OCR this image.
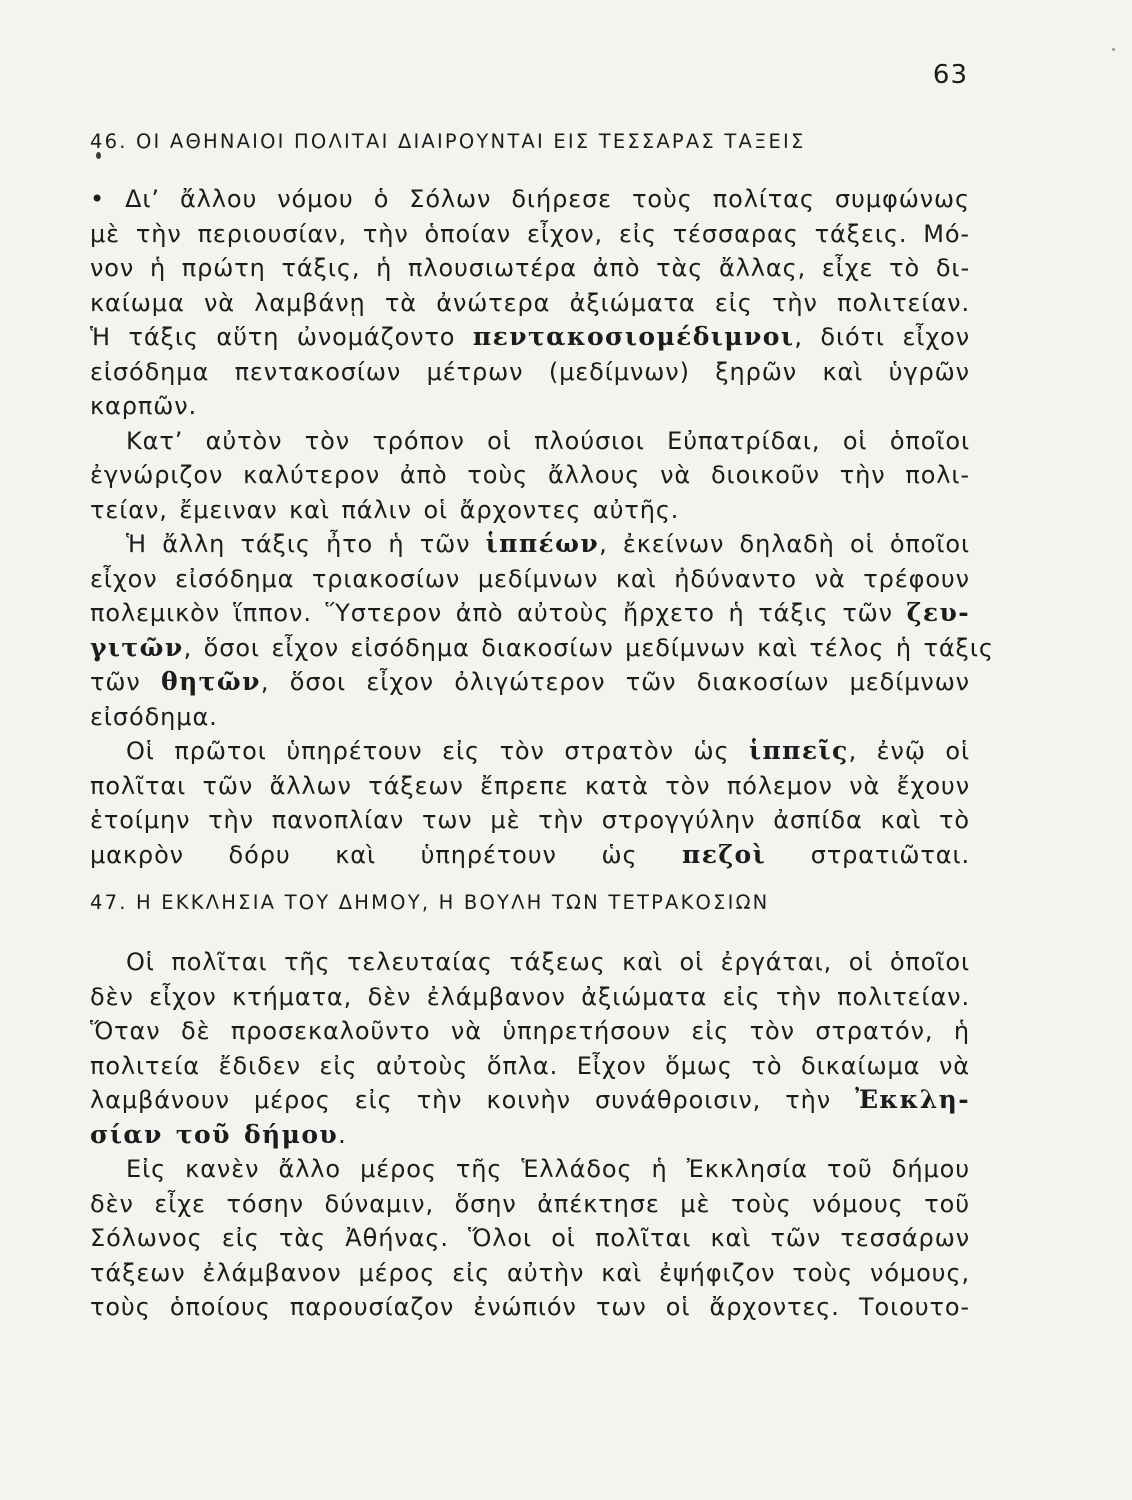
63
46. ΟΙ ΑΘΗΝΑΙΟΙ ΠΟΛΙΤΑΙ ΔΙΑΙΡΟΥΝΤΑΙ ΕΙΣ ΤΕΣΣΑΡΑΣ ΤΑΞΕΙΣ
• Δι’ ἄλλου νόμου ὁ Σόλων διήρεσε τοὺς πολίτας συμφώνως
μὲ τὴν περιουσίαν, τὴν ὁποίαν εἶχον, εἰς τέσσαρας τάξεις. Μό-
νον ἡ πρώτη τάξις, ἡ πλουσιωτέρα ἀπὸ τὰς ἄλλας, εἶχε τὸ δι-
καίωμα νὰ λαμβάνῃ τὰ ἀνώτερα ἀξιώματα εἰς τὴν πολιτείαν.
Ἡ τάξις αὕτη ὠνομάζοντο πεντακοσιομέδιμνοι, διότι εἶχον
εἰσόδημα πεντακοσίων μέτρων (μεδίμνων) ξηρῶν καὶ ὑγρῶν
καρπῶν.
Κατ’ αὐτὸν τὸν τρόπον οἱ πλούσιοι Εὐπατρίδαι, οἱ ὁποῖοι
ἐγνώριζον καλύτερον ἀπὸ τοὺς ἄλλους νὰ διοικοῦν τὴν πολι-
τείαν, ἔμειναν καὶ πάλιν οἱ ἄρχοντες αὐτῆς.
Ἡ ἄλλη τάξις ἦτο ἡ τῶν ἱππέων, ἐκείνων δηλαδὴ οἱ ὁποῖοι
εἶχον εἰσόδημα τριακοσίων μεδίμνων καὶ ἠδύναντο νὰ τρέφουν
πολεμικὸν ἵππον. Ὕστερον ἀπὸ αὐτοὺς ἤρχετο ἡ τάξις τῶν ζευ-
γιτῶν, ὅσοι εἶχον εἰσόδημα διακοσίων μεδίμνων καὶ τέλος ἡ τάξις
τῶν θητῶν, ὅσοι εἶχον ὀλιγώτερον τῶν διακοσίων μεδίμνων
εἰσόδημα.
Οἱ πρῶτοι ὑπηρέτουν εἰς τὸν στρατὸν ὡς ἱππεῖς, ἐνῷ οἱ
πολῖται τῶν ἄλλων τάξεων ἔπρεπε κατὰ τὸν πόλεμον νὰ ἔχουν
ἑτοίμην τὴν πανοπλίαν των μὲ τὴν στρογγύλην ἀσπίδα καὶ τὸ
μακρὸν δόρυ καὶ ὑπηρέτουν ὡς πεζοὶ στρατιῶται.
47. Η ΕΚΚΛΗΣΙΑ ΤΟΥ ΔΗΜΟΥ, Η ΒΟΥΛΗ ΤΩΝ ΤΕΤΡΑΚΟΣΙΩΝ
Οἱ πολῖται τῆς τελευταίας τάξεως καὶ οἱ ἐργάται, οἱ ὁποῖοι
δὲν εἶχον κτήματα, δὲν ἐλάμβανον ἀξιώματα εἰς τὴν πολιτείαν.
Ὅταν δὲ προσεκαλοῦντο νὰ ὑπηρετήσουν εἰς τὸν στρατόν, ἡ
πολιτεία ἔδιδεν εἰς αὐτοὺς ὅπλα. Εἶχον ὅμως τὸ δικαίωμα νὰ
λαμβάνουν μέρος εἰς τὴν κοινὴν συνάθροισιν, τὴν Ἐκκλη-
σίαν τοῦ δήμου.
Εἰς κανὲν ἄλλο μέρος τῆς Ἑλλάδος ἡ Ἐκκλησία τοῦ δήμου
δὲν εἶχε τόσην δύναμιν, ὅσην ἀπέκτησε μὲ τοὺς νόμους τοῦ
Σόλωνος εἰς τὰς Ἀθήνας. Ὅλοι οἱ πολῖται καὶ τῶν τεσσάρων
τάξεων ἐλάμβανον μέρος εἰς αὐτὴν καὶ ἐψήφιζον τοὺς νόμους,
τοὺς ὁποίους παρουσίαζον ἐνώπιόν των οἱ ἄρχοντες. Τοιουτο-
